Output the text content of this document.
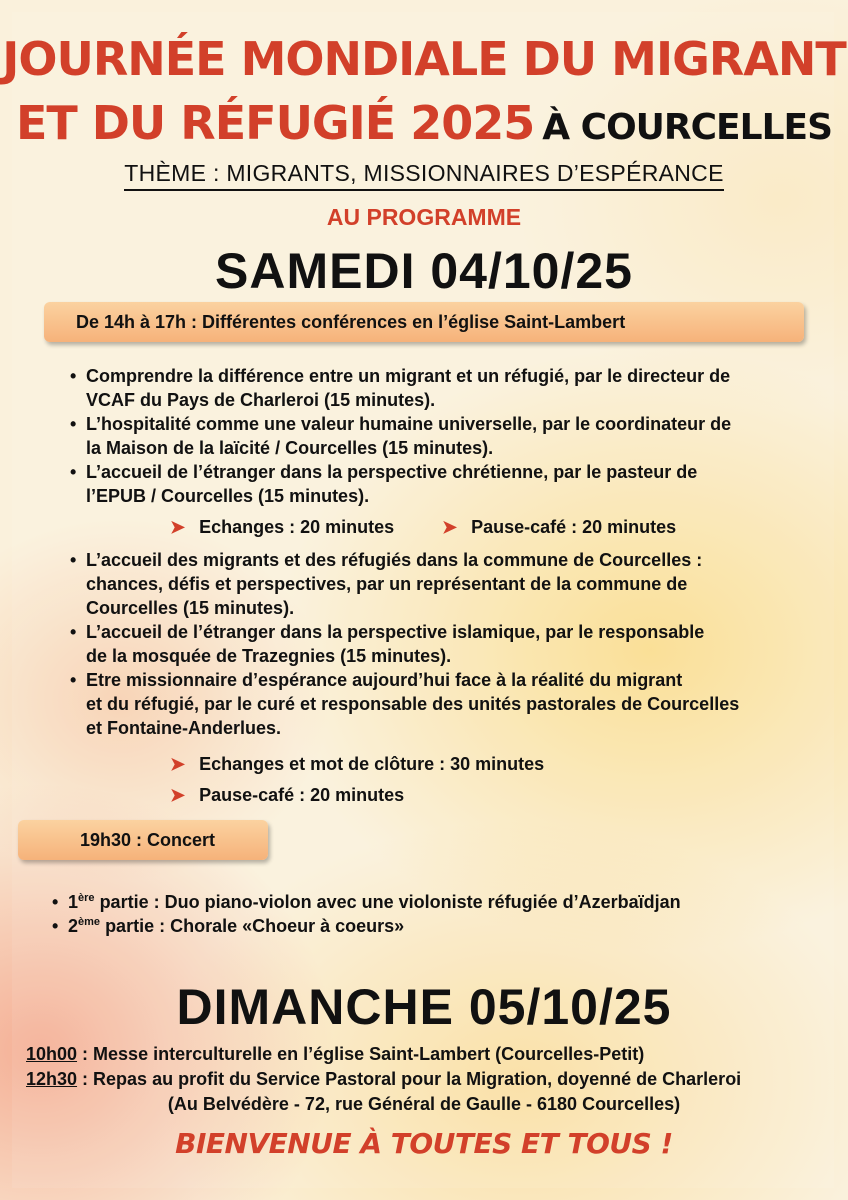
JOURNÉE MONDIALE DU MIGRANT
ET DU RÉFUGIÉ 2025 À COURCELLES
THÈME : MIGRANTS, MISSIONNAIRES D’ESPÉRANCE
AU PROGRAMME
SAMEDI 04/10/25
De 14h à 17h : Différentes conférences en l’église Saint-Lambert
• Comprendre la différence entre un migrant et un réfugié, par le directeur de
VCAF du Pays de Charleroi (15 minutes).
• L’hospitalité comme une valeur humaine universelle, par le coordinateur de
la Maison de la laïcité / Courcelles (15 minutes).
• L’accueil de l’étranger dans la perspective chrétienne, par le pasteur de
l’EPUB / Courcelles (15 minutes).
➤ Echanges : 20 minutes	➤ Pause-café : 20 minutes
• L’accueil des migrants et des réfugiés dans la commune de Courcelles :
chances, défis et perspectives, par un représentant de la commune de
Courcelles (15 minutes).
• L’accueil de l’étranger dans la perspective islamique, par le responsable
de la mosquée de Trazegnies (15 minutes).
• Etre missionnaire d’espérance aujourd’hui face à la réalité du migrant
et du réfugié, par le curé et responsable des unités pastorales de Courcelles
et Fontaine-Anderlues.
➤ Echanges et mot de clôture : 30 minutes
➤ Pause-café : 20 minutes
19h30 : Concert
• 1ère partie : Duo piano-violon avec une violoniste réfugiée d’Azerbaïdjan
• 2ème partie : Chorale «Choeur à coeurs»
DIMANCHE 05/10/25
10h00 : Messe interculturelle en l’église Saint-Lambert (Courcelles-Petit)
12h30 : Repas au profit du Service Pastoral pour la Migration, doyenné de Charleroi
(Au Belvédère - 72, rue Général de Gaulle - 6180 Courcelles)
BIENVENUE À TOUTES ET TOUS !
